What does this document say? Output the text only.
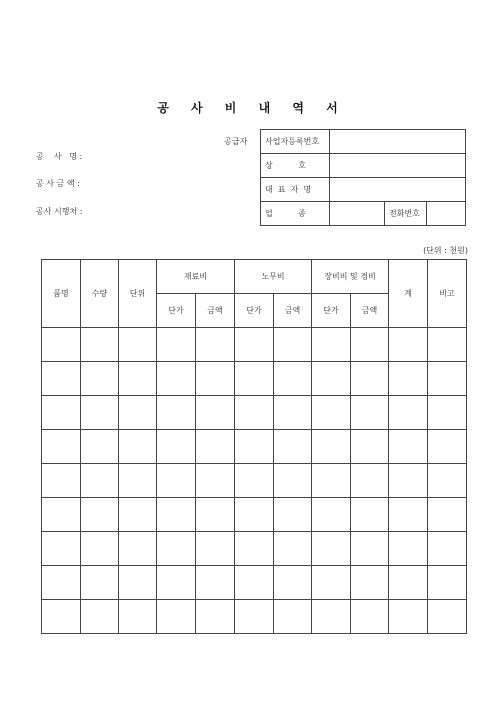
공 사 비 내 역 서
공    사   명 :
공 사 금 액 :
공사 시행처 :
공급자 사업자등록번호			
상          호			
대  표  자  명			
업          종		전화번호	
(단위 : 천원)
품명	수량	단위	재료비		노무비		장비비 및 경비		계	비고
			단가	금액	단가	금액	단가	금액		
